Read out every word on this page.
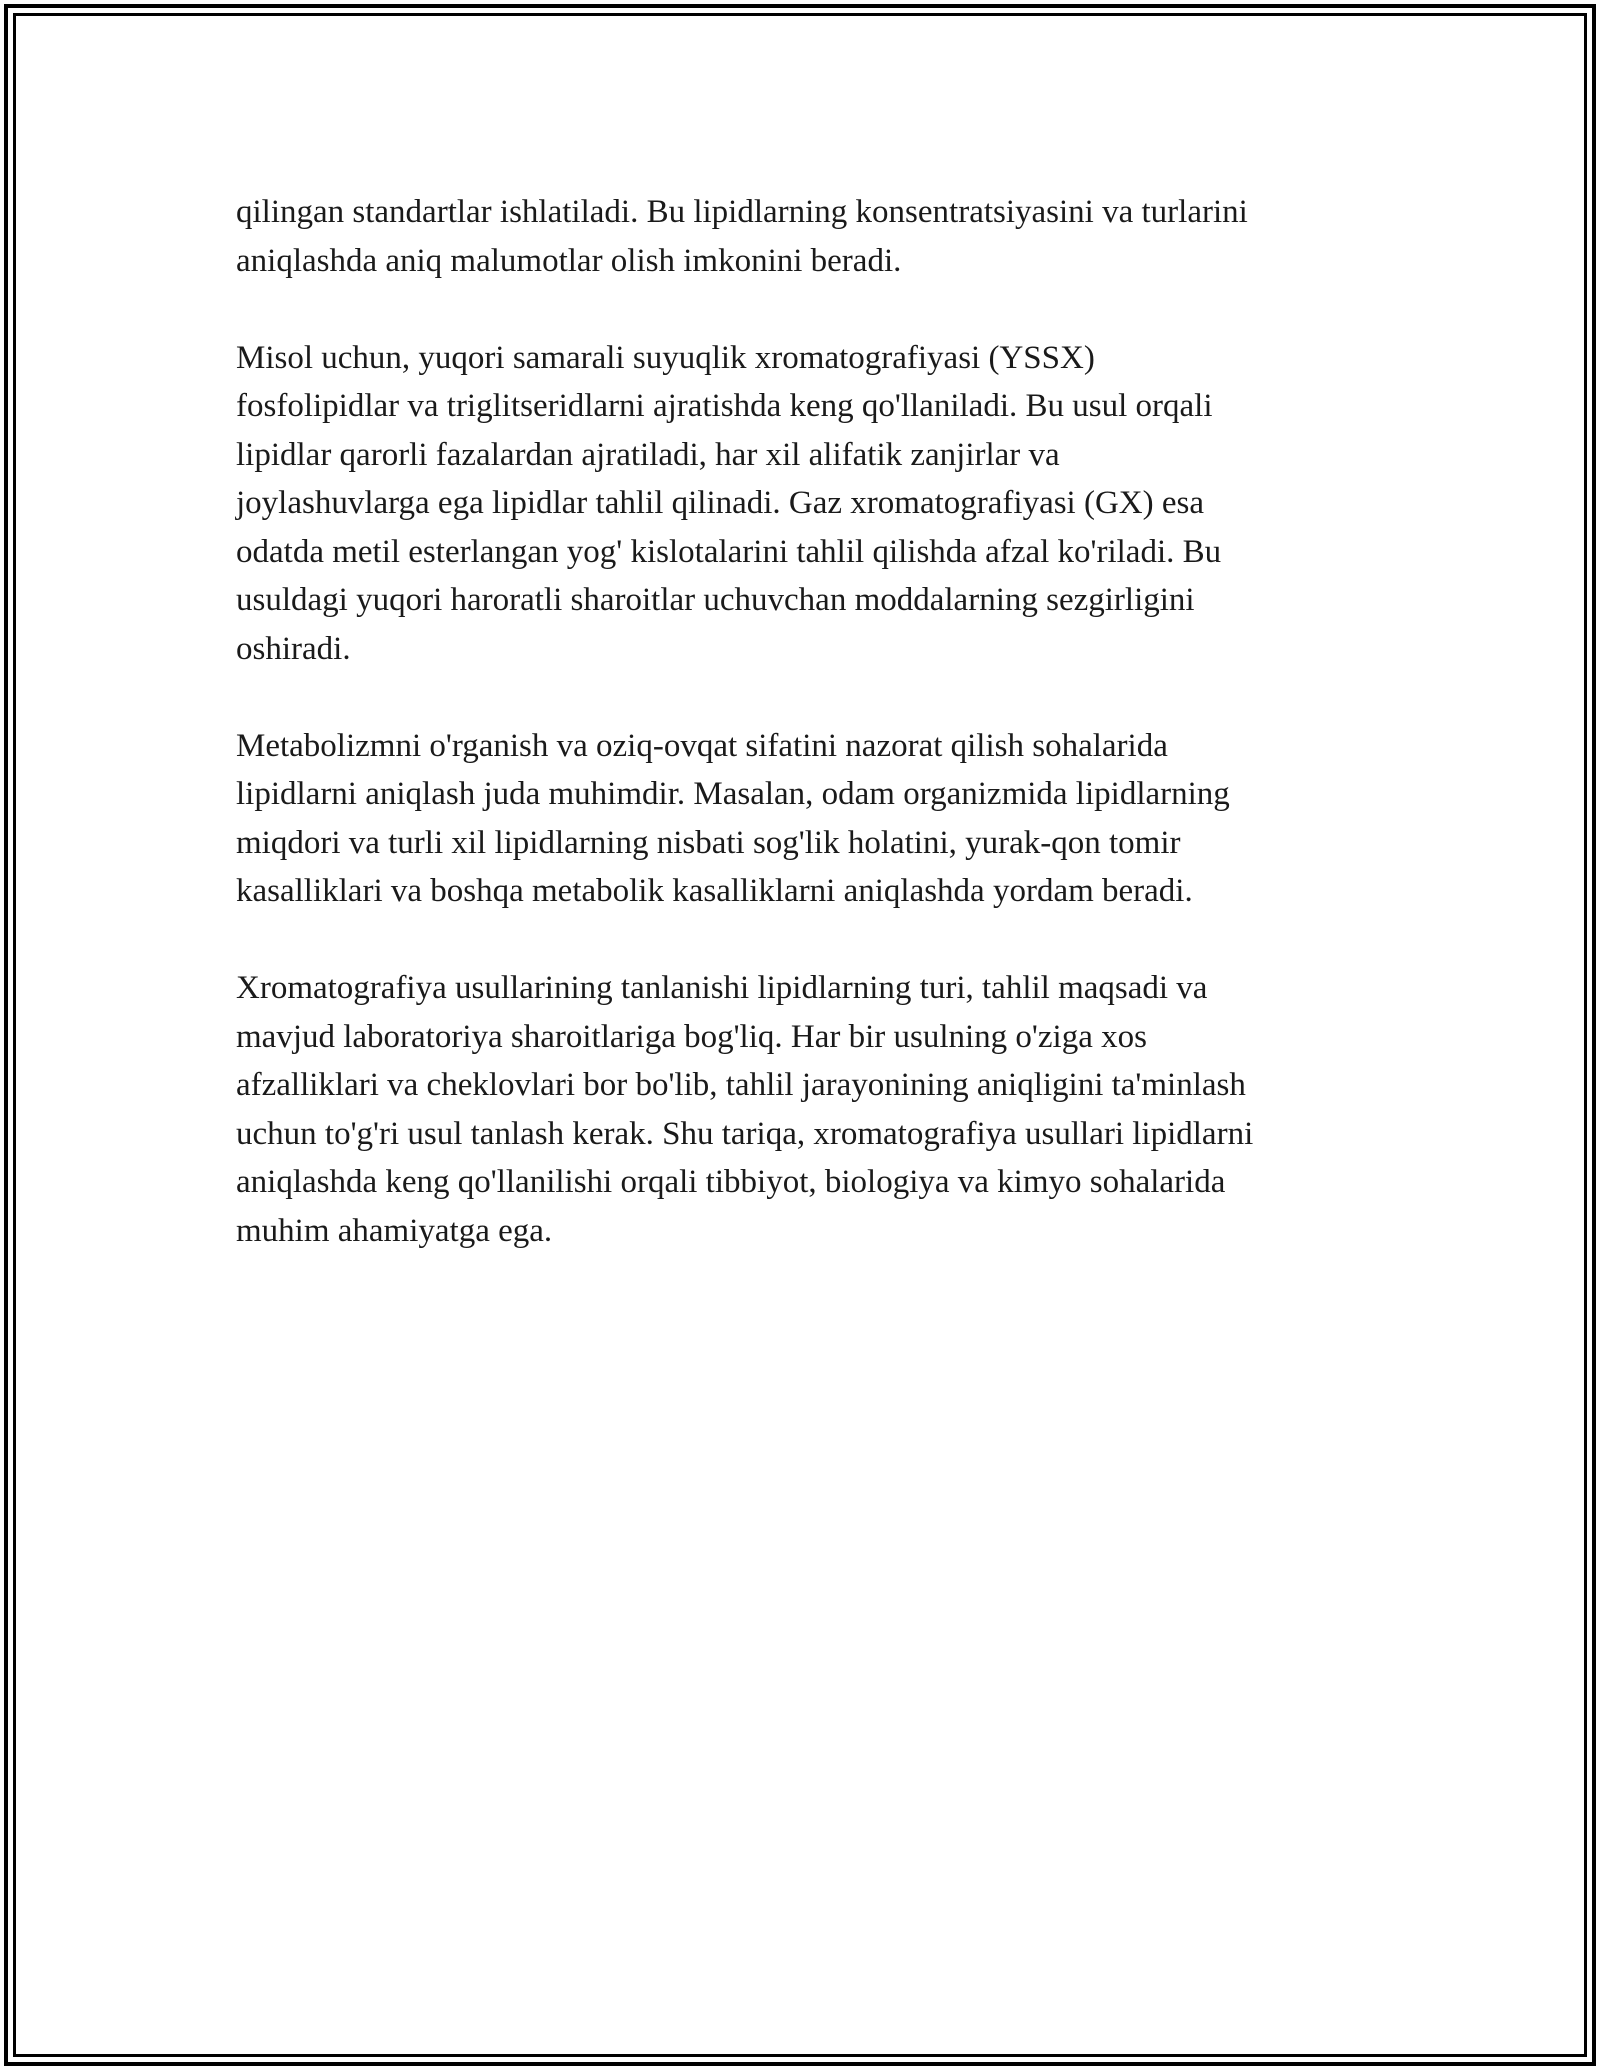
qilingan standartlar ishlatiladi. Bu lipidlarning konsentratsiyasini va turlarini
aniqlashda aniq malumotlar olish imkonini beradi.

Misol uchun, yuqori samarali suyuqlik xromatografiyasi (YSSX)
fosfolipidlar va triglitseridlarni ajratishda keng qo'llaniladi. Bu usul orqali
lipidlar qarorli fazalardan ajratiladi, har xil alifatik zanjirlar va
joylashuvlarga ega lipidlar tahlil qilinadi. Gaz xromatografiyasi (GX) esa
odatda metil esterlangan yog' kislotalarini tahlil qilishda afzal ko'riladi. Bu
usuldagi yuqori haroratli sharoitlar uchuvchan moddalarning sezgirligini
oshiradi.

Metabolizmni o'rganish va oziq-ovqat sifatini nazorat qilish sohalarida
lipidlarni aniqlash juda muhimdir. Masalan, odam organizmida lipidlarning
miqdori va turli xil lipidlarning nisbati sog'lik holatini, yurak-qon tomir
kasalliklari va boshqa metabolik kasalliklarni aniqlashda yordam beradi.

Xromatografiya usullarining tanlanishi lipidlarning turi, tahlil maqsadi va
mavjud laboratoriya sharoitlariga bog'liq. Har bir usulning o'ziga xos
afzalliklari va cheklovlari bor bo'lib, tahlil jarayonining aniqligini ta'minlash
uchun to'g'ri usul tanlash kerak. Shu tariqa, xromatografiya usullari lipidlarni
aniqlashda keng qo'llanilishi orqali tibbiyot, biologiya va kimyo sohalarida
muhim ahamiyatga ega.
